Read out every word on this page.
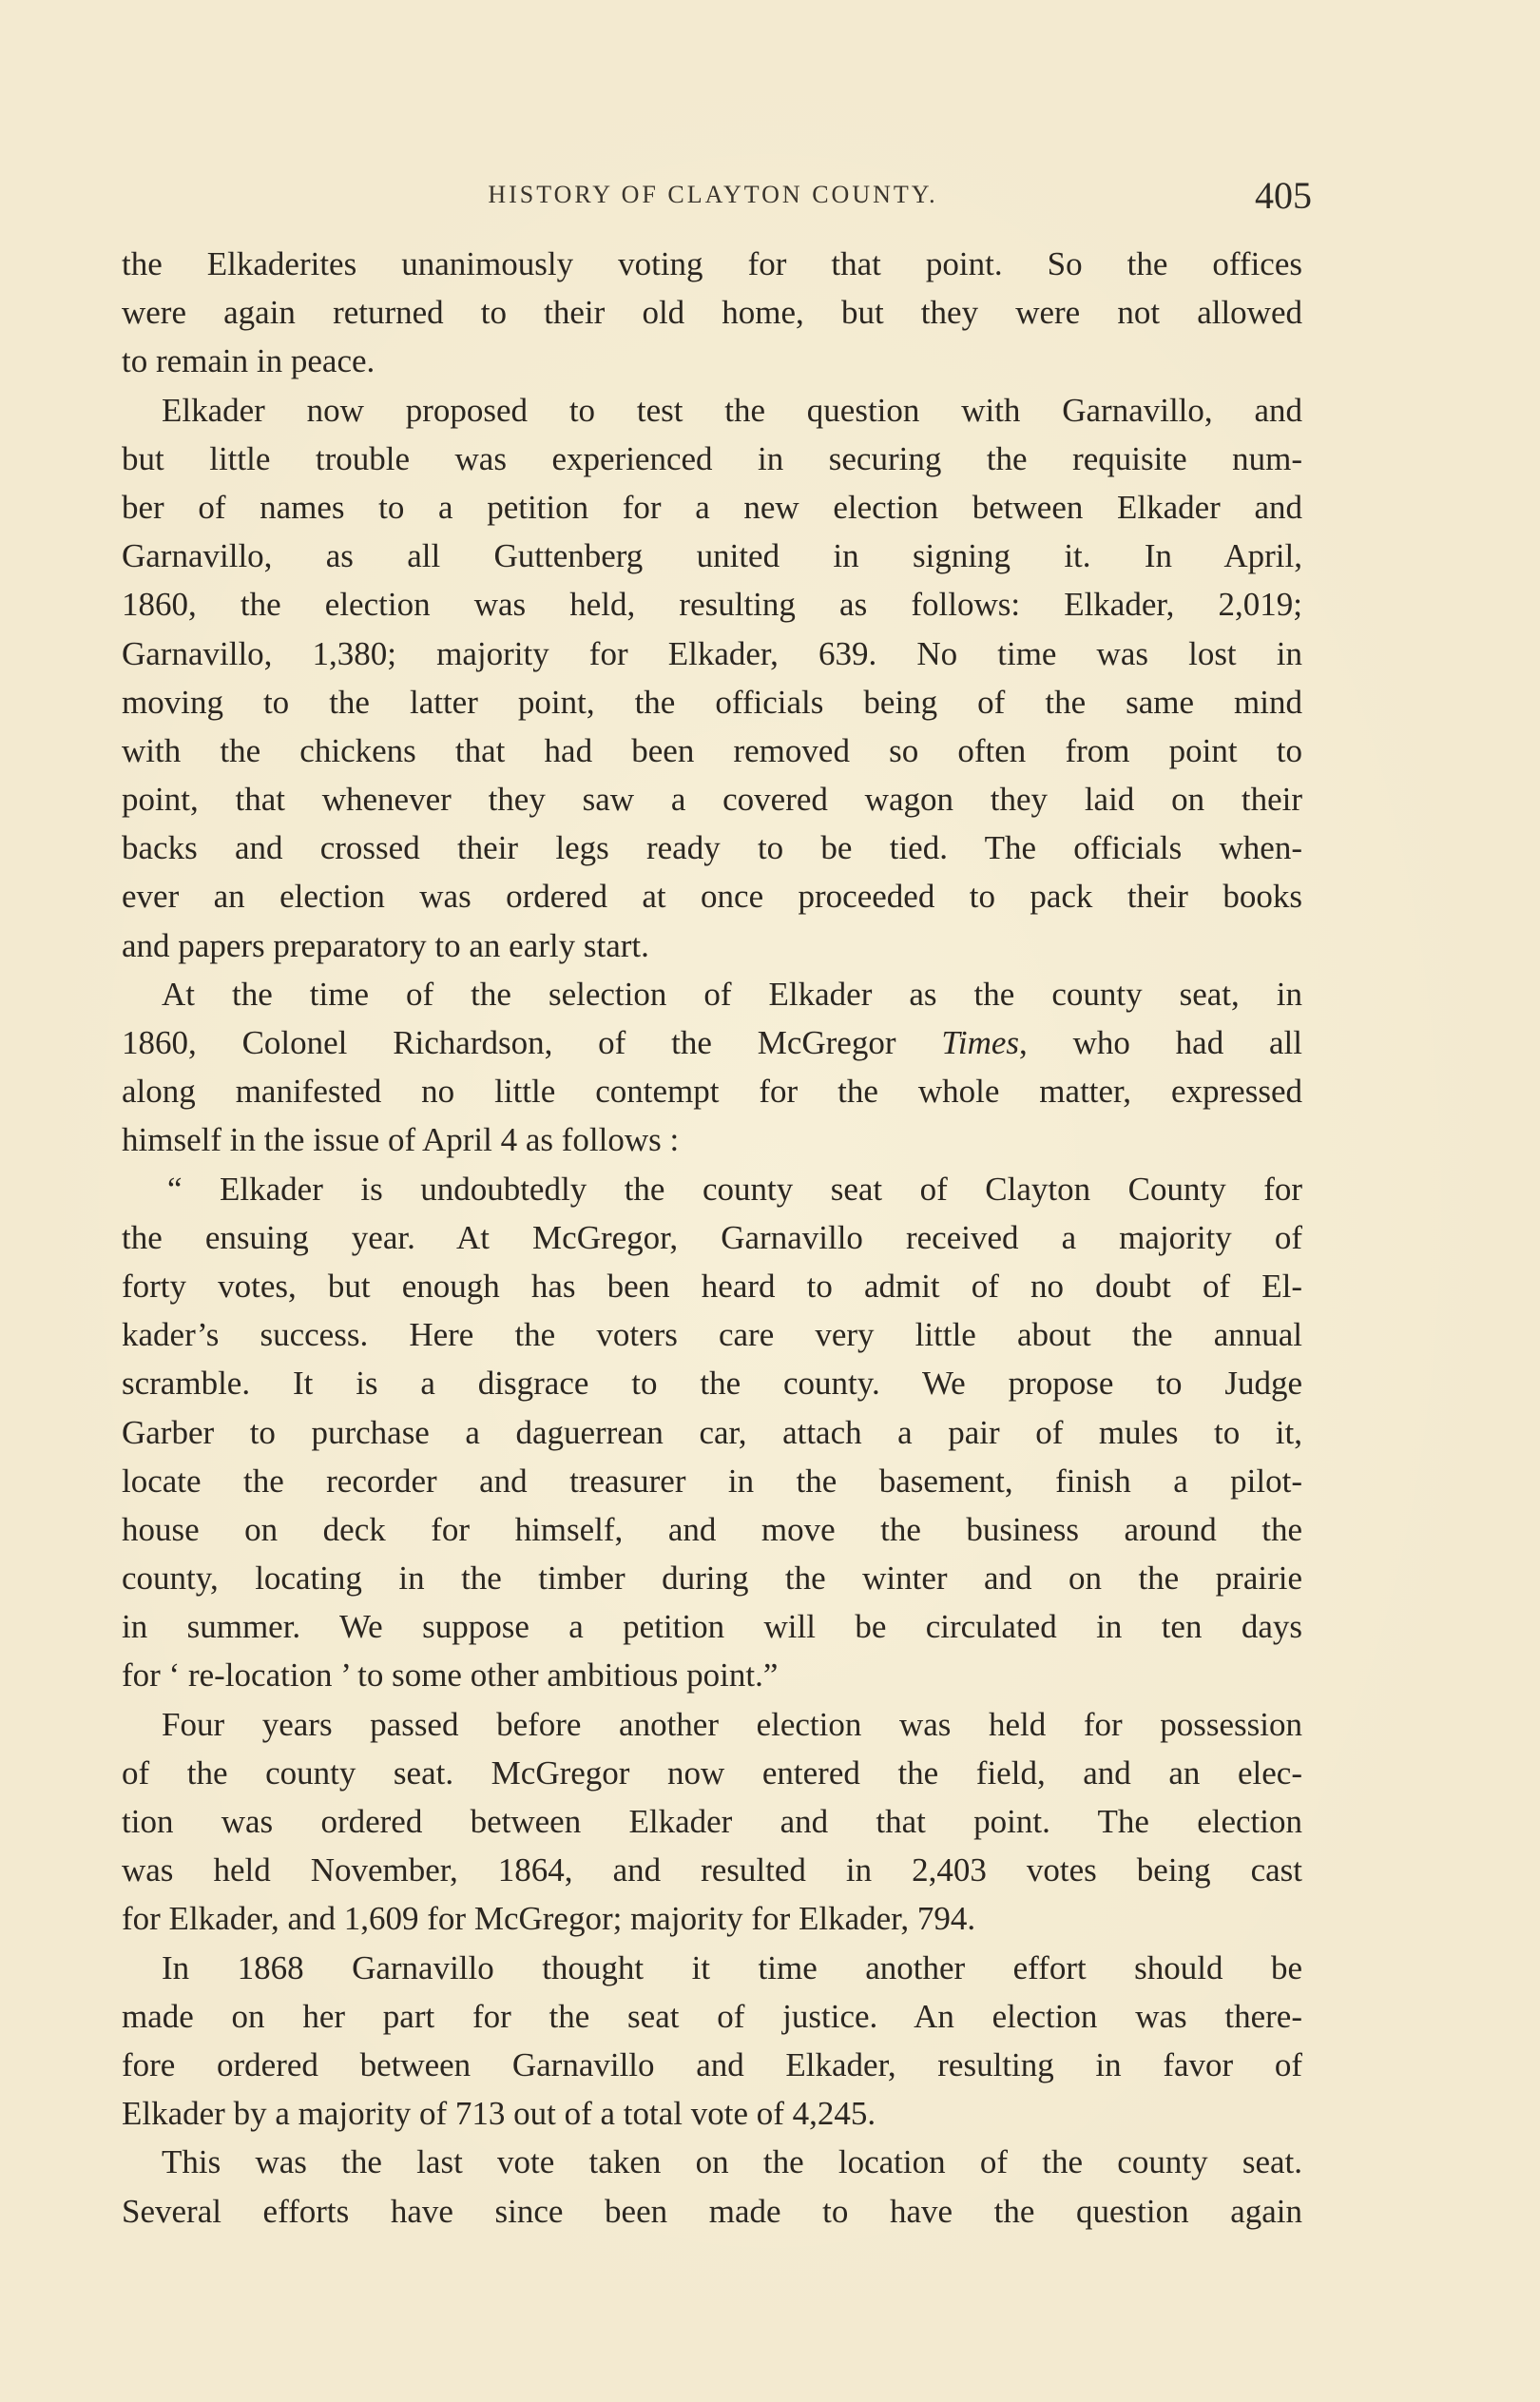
HISTORY OF CLAYTON COUNTY.	405
the Elkaderites unanimously voting for that point. So the offices
were again returned to their old home, but they were not allowed
to remain in peace.
Elkader now proposed to test the question with Garnavillo, and
but little trouble was experienced in securing the requisite num-
ber of names to a petition for a new election between Elkader and
Garnavillo, as all Guttenberg united in signing it. In April,
1860, the election was held, resulting as follows: Elkader, 2,019;
Garnavillo, 1,380; majority for Elkader, 639. No time was lost in
moving to the latter point, the officials being of the same mind
with the chickens that had been removed so often from point to
point, that whenever they saw a covered wagon they laid on their
backs and crossed their legs ready to be tied. The officials when-
ever an election was ordered at once proceeded to pack their books
and papers preparatory to an early start.
At the time of the selection of Elkader as the county seat, in
1860, Colonel Richardson, of the McGregor Times, who had all
along manifested no little contempt for the whole matter, expressed
himself in the issue of April 4 as follows :
“ Elkader is undoubtedly the county seat of Clayton County for
the ensuing year. At McGregor, Garnavillo received a majority of
forty votes, but enough has been heard to admit of no doubt of El-
kader’s success. Here the voters care very little about the annual
scramble. It is a disgrace to the county. We propose to Judge
Garber to purchase a daguerrean car, attach a pair of mules to it,
locate the recorder and treasurer in the basement, finish a pilot-
house on deck for himself, and move the business around the
county, locating in the timber during the winter and on the prairie
in summer. We suppose a petition will be circulated in ten days
for ‘ re-location ’ to some other ambitious point.”
Four years passed before another election was held for possession
of the county seat. McGregor now entered the field, and an elec-
tion was ordered between Elkader and that point. The election
was held November, 1864, and resulted in 2,403 votes being cast
for Elkader, and 1,609 for McGregor; majority for Elkader, 794.
In 1868 Garnavillo thought it time another effort should be
made on her part for the seat of justice. An election was there-
fore ordered between Garnavillo and Elkader, resulting in favor of
Elkader by a majority of 713 out of a total vote of 4,245.
This was the last vote taken on the location of the county seat.
Several efforts have since been made to have the question again
